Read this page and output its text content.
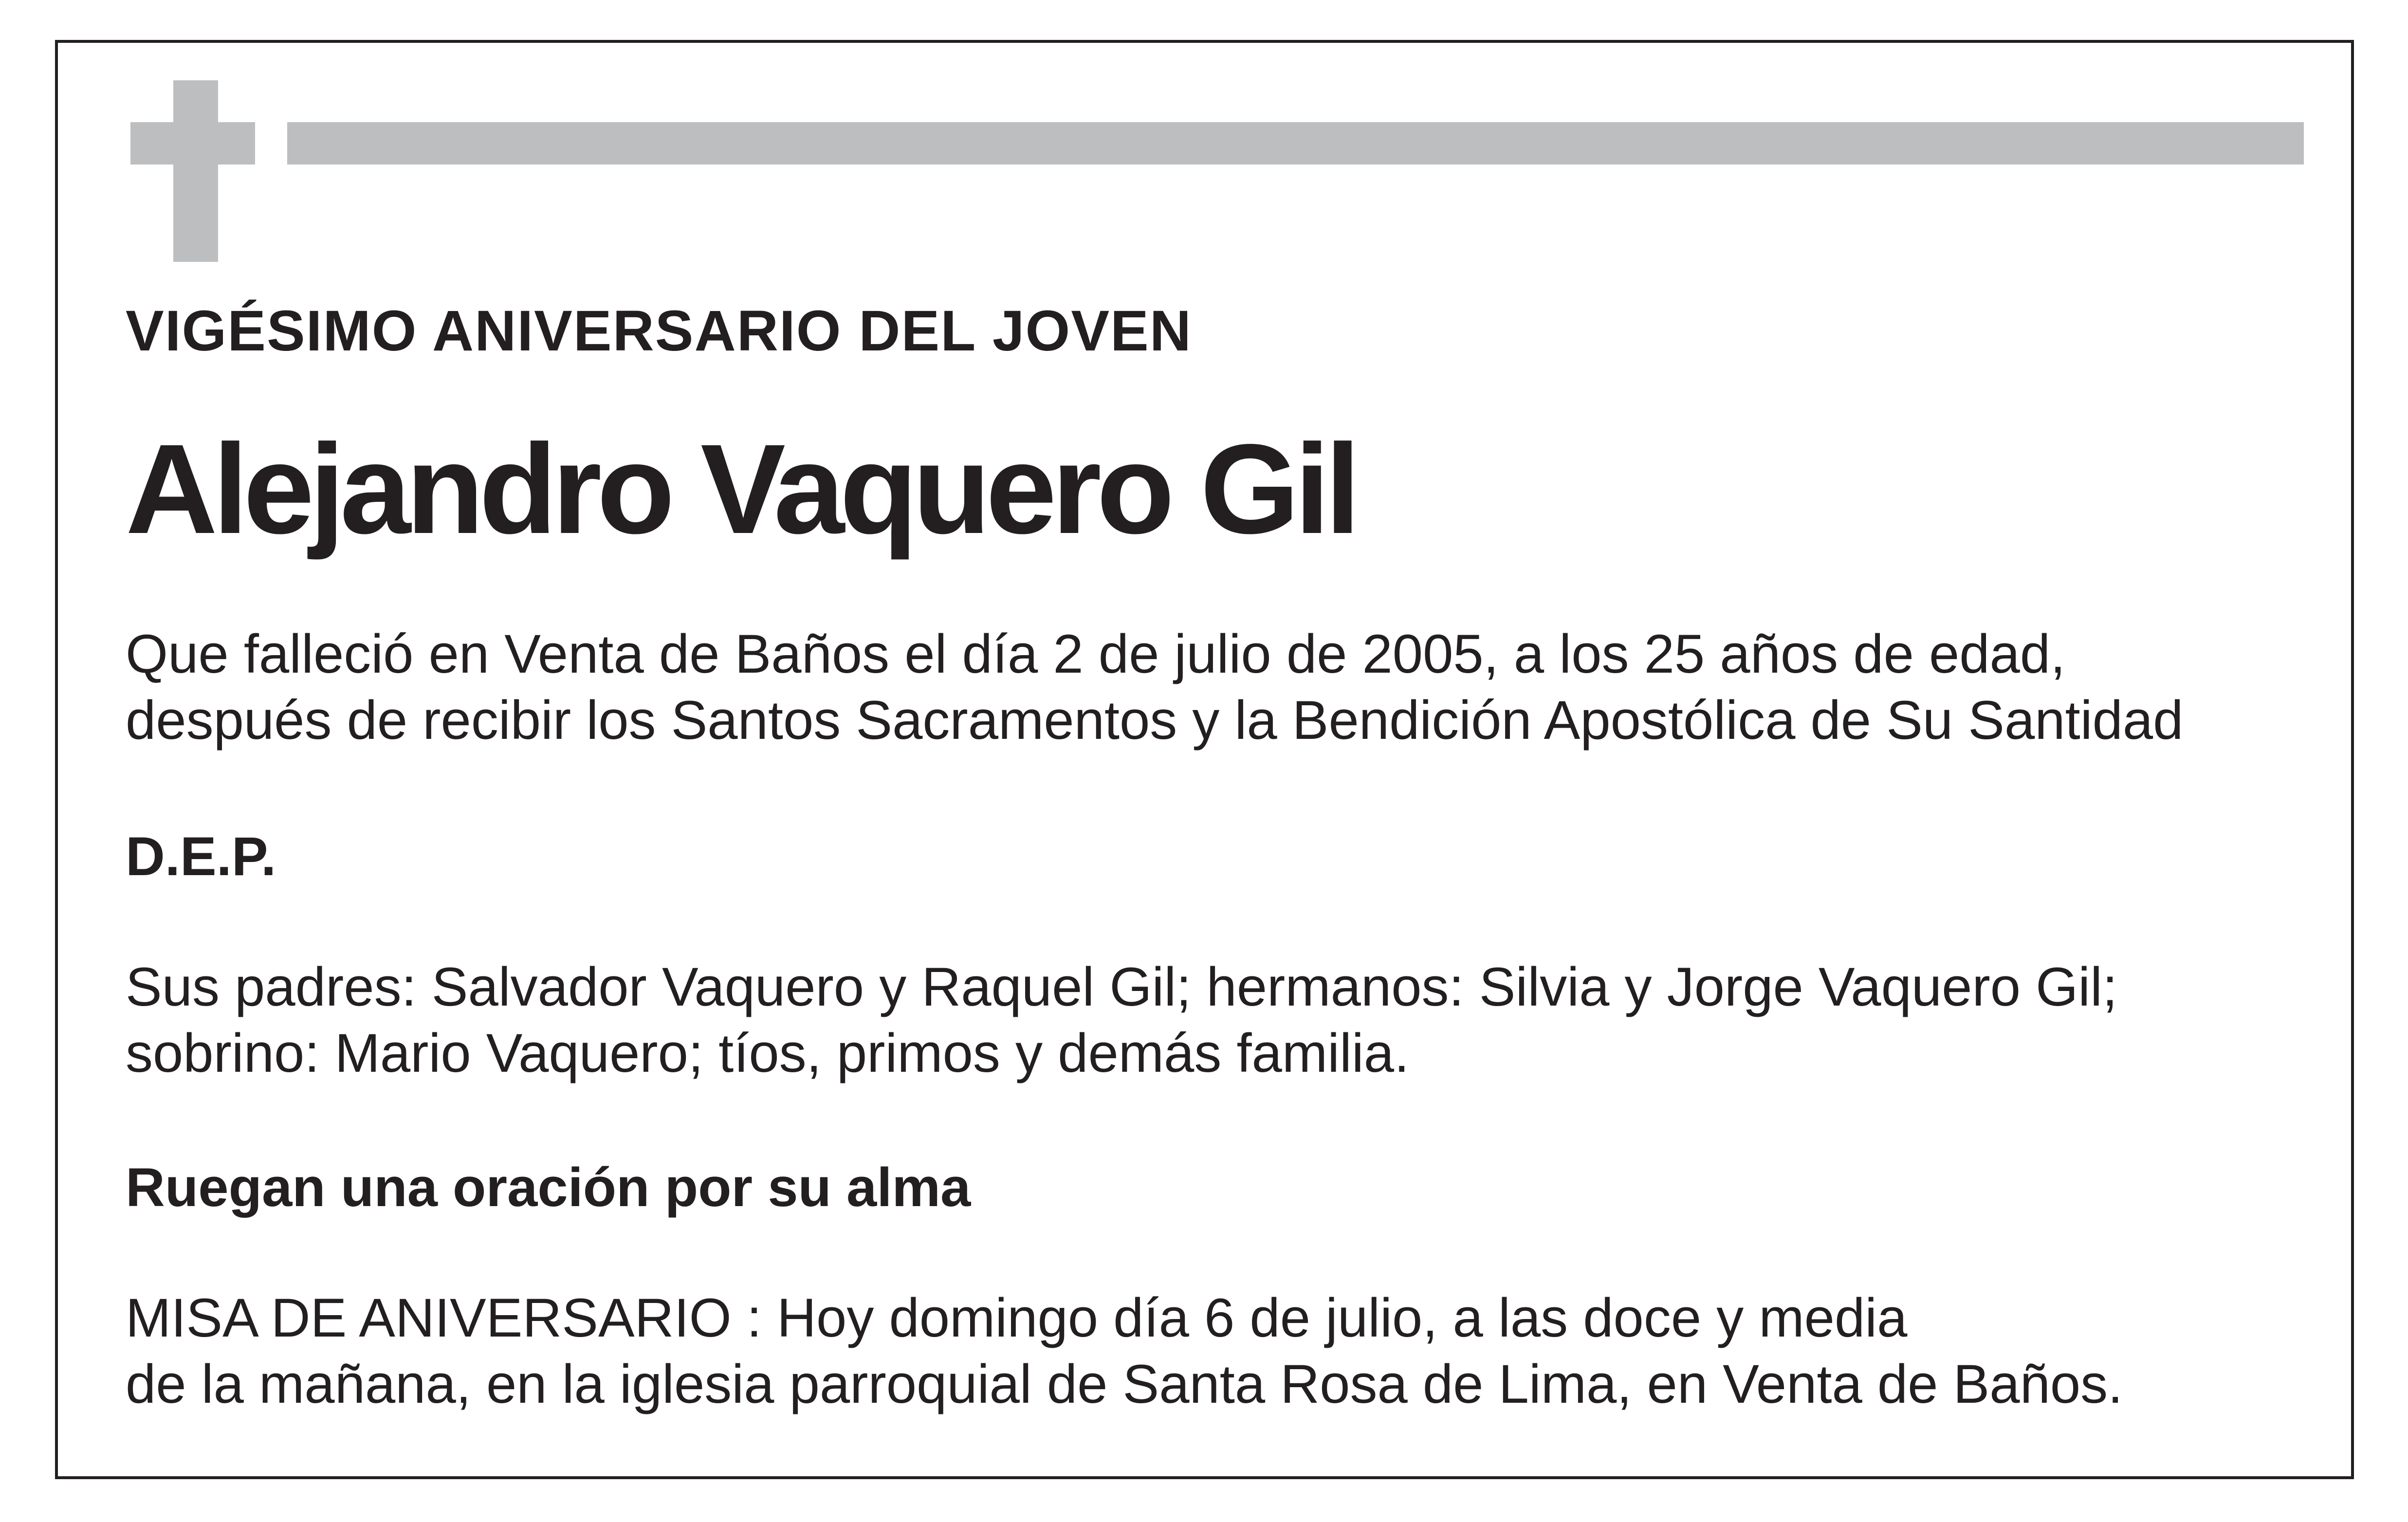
VIGÉSIMO ANIVERSARIO DEL JOVEN
Alejandro Vaquero Gil
Que falleció en Venta de Baños el día 2 de julio de 2005, a los 25 años de edad,
después de recibir los Santos Sacramentos y la Bendición Apostólica de Su Santidad
D.E.P.
Sus padres: Salvador Vaquero y Raquel Gil; hermanos: Silvia y Jorge Vaquero Gil;
sobrino: Mario Vaquero; tíos, primos y demás familia.
Ruegan una oración por su alma
MISA DE ANIVERSARIO : Hoy domingo día 6 de julio, a las doce y media
de la mañana, en la iglesia parroquial de Santa Rosa de Lima, en Venta de Baños.
